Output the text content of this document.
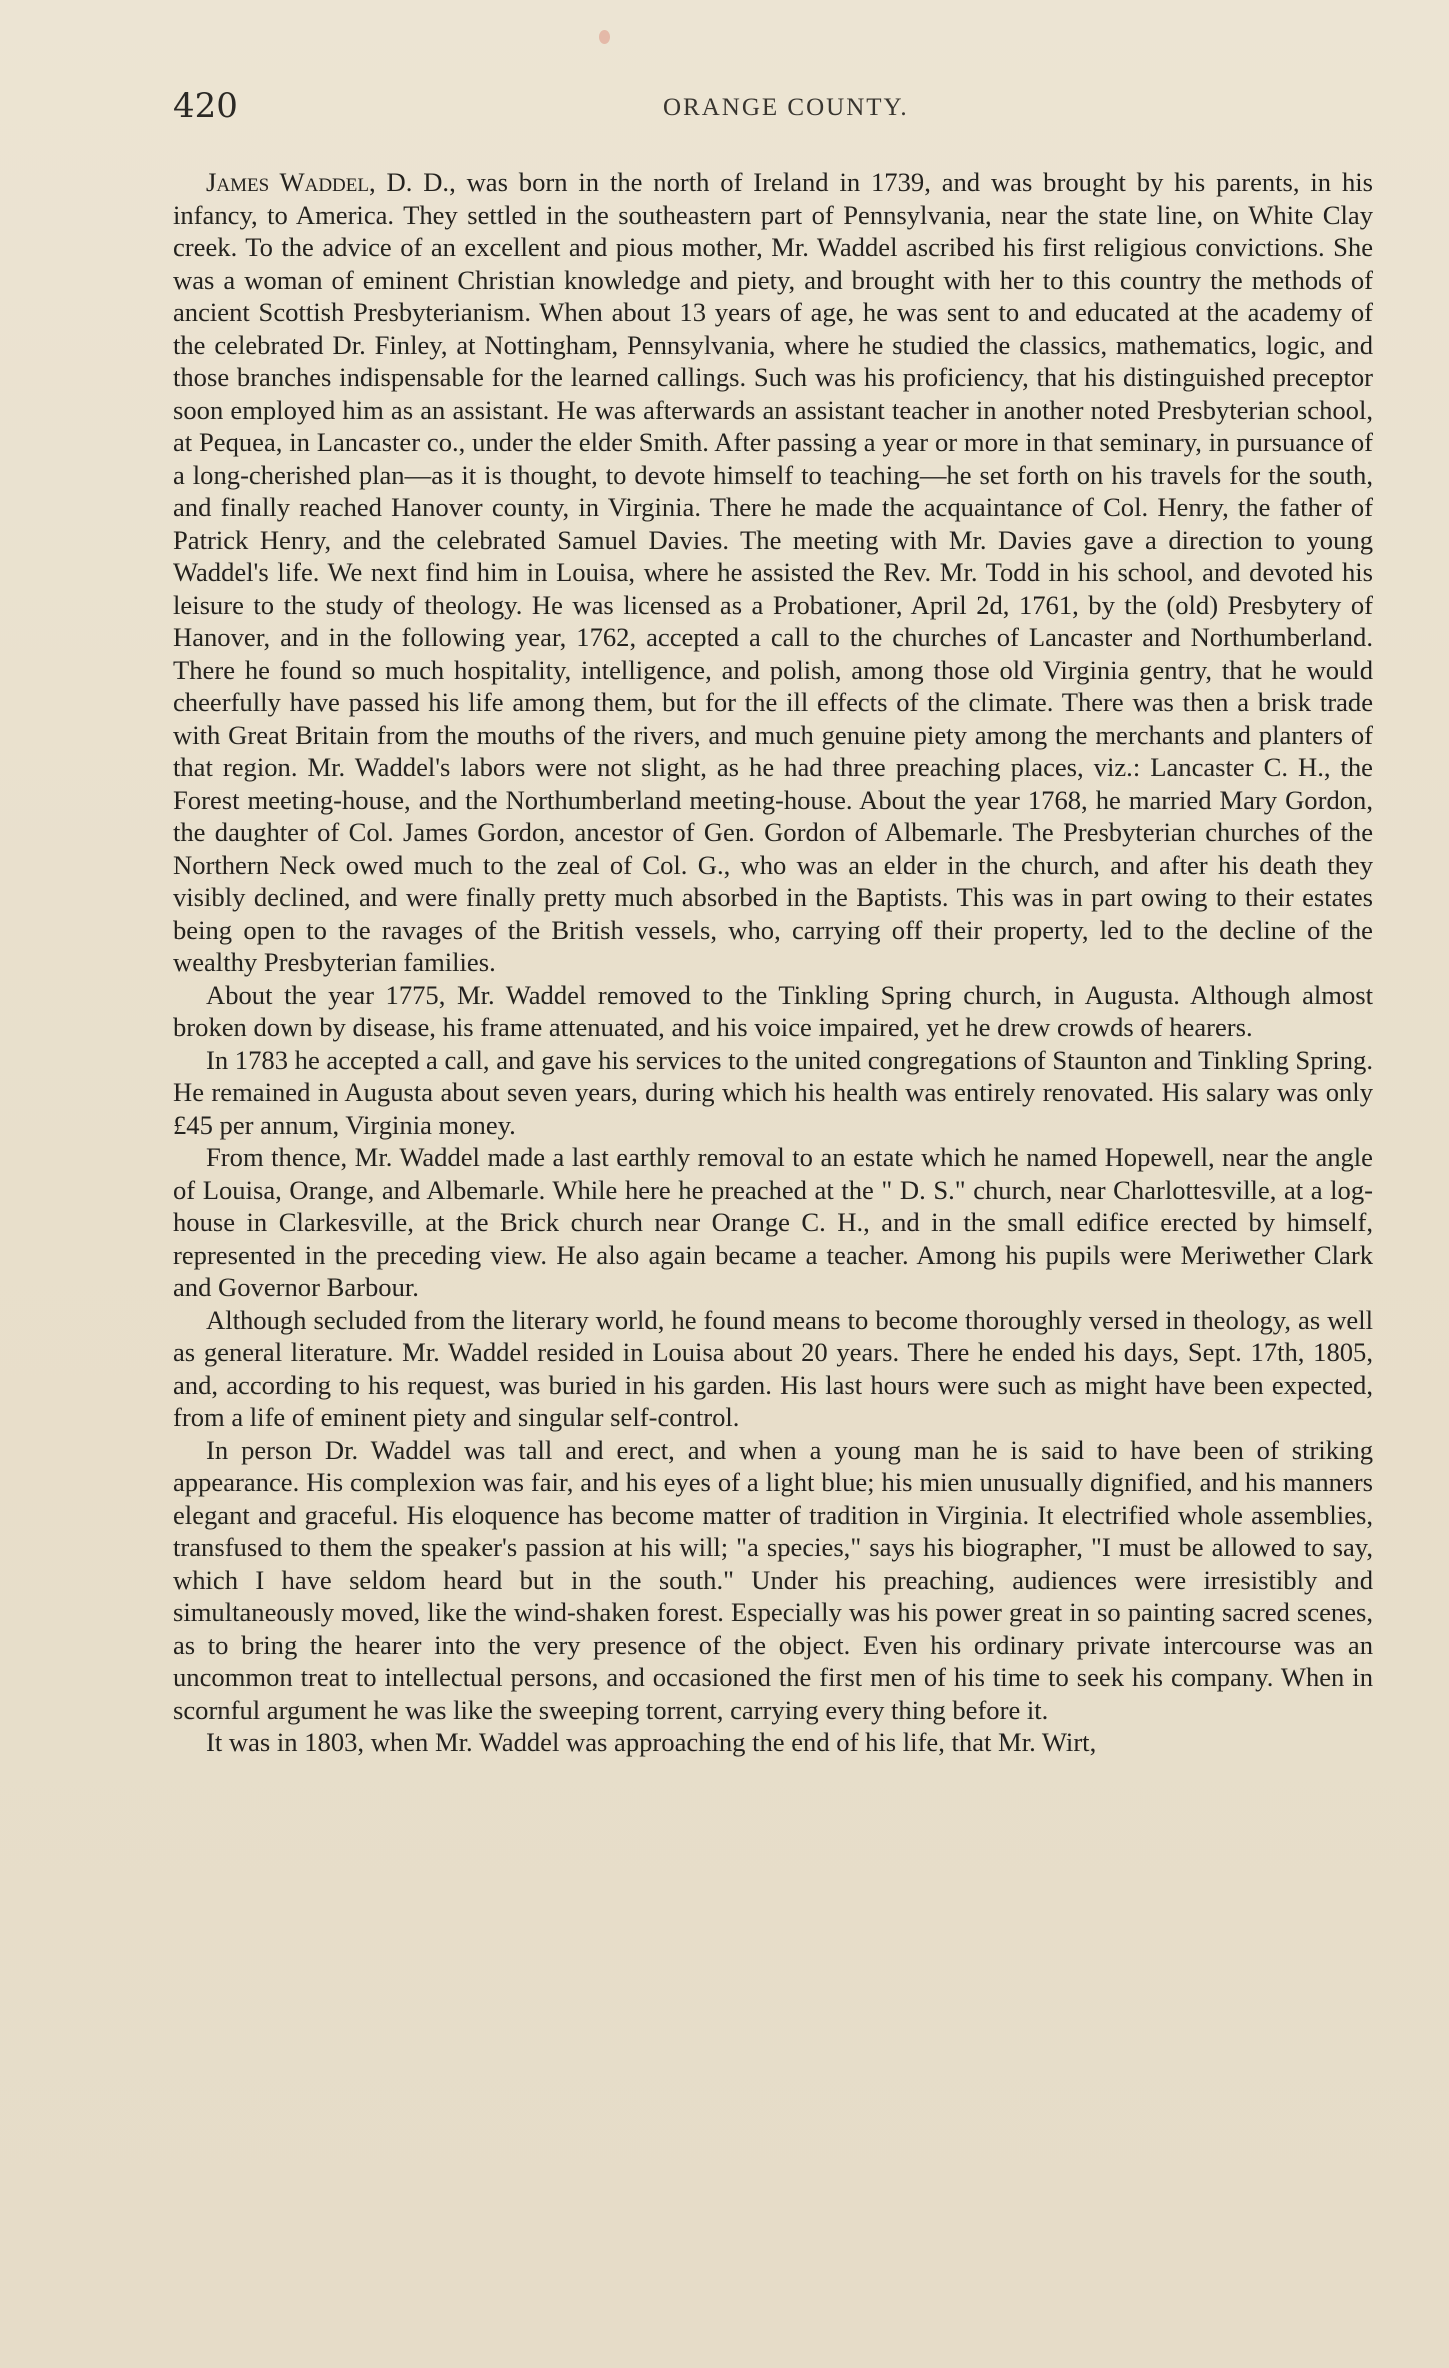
420	ORANGE COUNTY.

James Waddel, D. D., was born in the north of Ireland in 1739, and was brought by his parents, in his infancy, to America. They settled in the southeastern part of Pennsylvania, near the state line, on White Clay creek. To the advice of an excellent and pious mother, Mr. Waddel ascribed his first religious convictions. She was a woman of eminent Christian knowledge and piety, and brought with her to this country the methods of ancient Scottish Presbyterianism. When about 13 years of age, he was sent to and educated at the academy of the celebrated Dr. Finley, at Nottingham, Pennsylvania, where he studied the classics, mathematics, logic, and those branches indispensable for the learned callings. Such was his proficiency, that his distinguished preceptor soon employed him as an assistant. He was afterwards an assistant teacher in another noted Presbyterian school, at Pequea, in Lancaster co., under the elder Smith. After passing a year or more in that seminary, in pursuance of a long-cherished plan—as it is thought, to devote himself to teaching—he set forth on his travels for the south, and finally reached Hanover county, in Virginia. There he made the acquaintance of Col. Henry, the father of Patrick Henry, and the celebrated Samuel Davies. The meeting with Mr. Davies gave a direction to young Waddel's life. We next find him in Louisa, where he assisted the Rev. Mr. Todd in his school, and devoted his leisure to the study of theology. He was licensed as a Probationer, April 2d, 1761, by the (old) Presbytery of Hanover, and in the following year, 1762, accepted a call to the churches of Lancaster and Northumberland. There he found so much hospitality, intelligence, and polish, among those old Virginia gentry, that he would cheerfully have passed his life among them, but for the ill effects of the climate. There was then a brisk trade with Great Britain from the mouths of the rivers, and much genuine piety among the merchants and planters of that region. Mr. Waddel's labors were not slight, as he had three preaching places, viz.: Lancaster C. H., the Forest meeting-house, and the Northumberland meeting-house. About the year 1768, he married Mary Gordon, the daughter of Col. James Gordon, ancestor of Gen. Gordon of Albemarle. The Presbyterian churches of the Northern Neck owed much to the zeal of Col. G., who was an elder in the church, and after his death they visibly declined, and were finally pretty much absorbed in the Baptists. This was in part owing to their estates being open to the ravages of the British vessels, who, carrying off their property, led to the decline of the wealthy Presbyterian families.

About the year 1775, Mr. Waddel removed to the Tinkling Spring church, in Augusta. Although almost broken down by disease, his frame attenuated, and his voice impaired, yet he drew crowds of hearers.

In 1783 he accepted a call, and gave his services to the united congregations of Staunton and Tinkling Spring. He remained in Augusta about seven years, during which his health was entirely renovated. His salary was only £45 per annum, Virginia money.

From thence, Mr. Waddel made a last earthly removal to an estate which he named Hopewell, near the angle of Louisa, Orange, and Albemarle. While here he preached at the " D. S." church, near Charlottesville, at a log-house in Clarkesville, at the Brick church near Orange C. H., and in the small edifice erected by himself, represented in the preceding view. He also again became a teacher. Among his pupils were Meriwether Clark and Governor Barbour.

Although secluded from the literary world, he found means to become thoroughly versed in theology, as well as general literature. Mr. Waddel resided in Louisa about 20 years. There he ended his days, Sept. 17th, 1805, and, according to his request, was buried in his garden. His last hours were such as might have been expected, from a life of eminent piety and singular self-control.

In person Dr. Waddel was tall and erect, and when a young man he is said to have been of striking appearance. His complexion was fair, and his eyes of a light blue; his mien unusually dignified, and his manners elegant and graceful. His eloquence has become matter of tradition in Virginia. It electrified whole assemblies, transfused to them the speaker's passion at his will; "a species," says his biographer, "I must be allowed to say, which I have seldom heard but in the south." Under his preaching, audiences were irresistibly and simultaneously moved, like the wind-shaken forest. Especially was his power great in so painting sacred scenes, as to bring the hearer into the very presence of the object. Even his ordinary private intercourse was an uncommon treat to intellectual persons, and occasioned the first men of his time to seek his company. When in scornful argument he was like the sweeping torrent, carrying every thing before it.

It was in 1803, when Mr. Waddel was approaching the end of his life, that Mr. Wirt,
